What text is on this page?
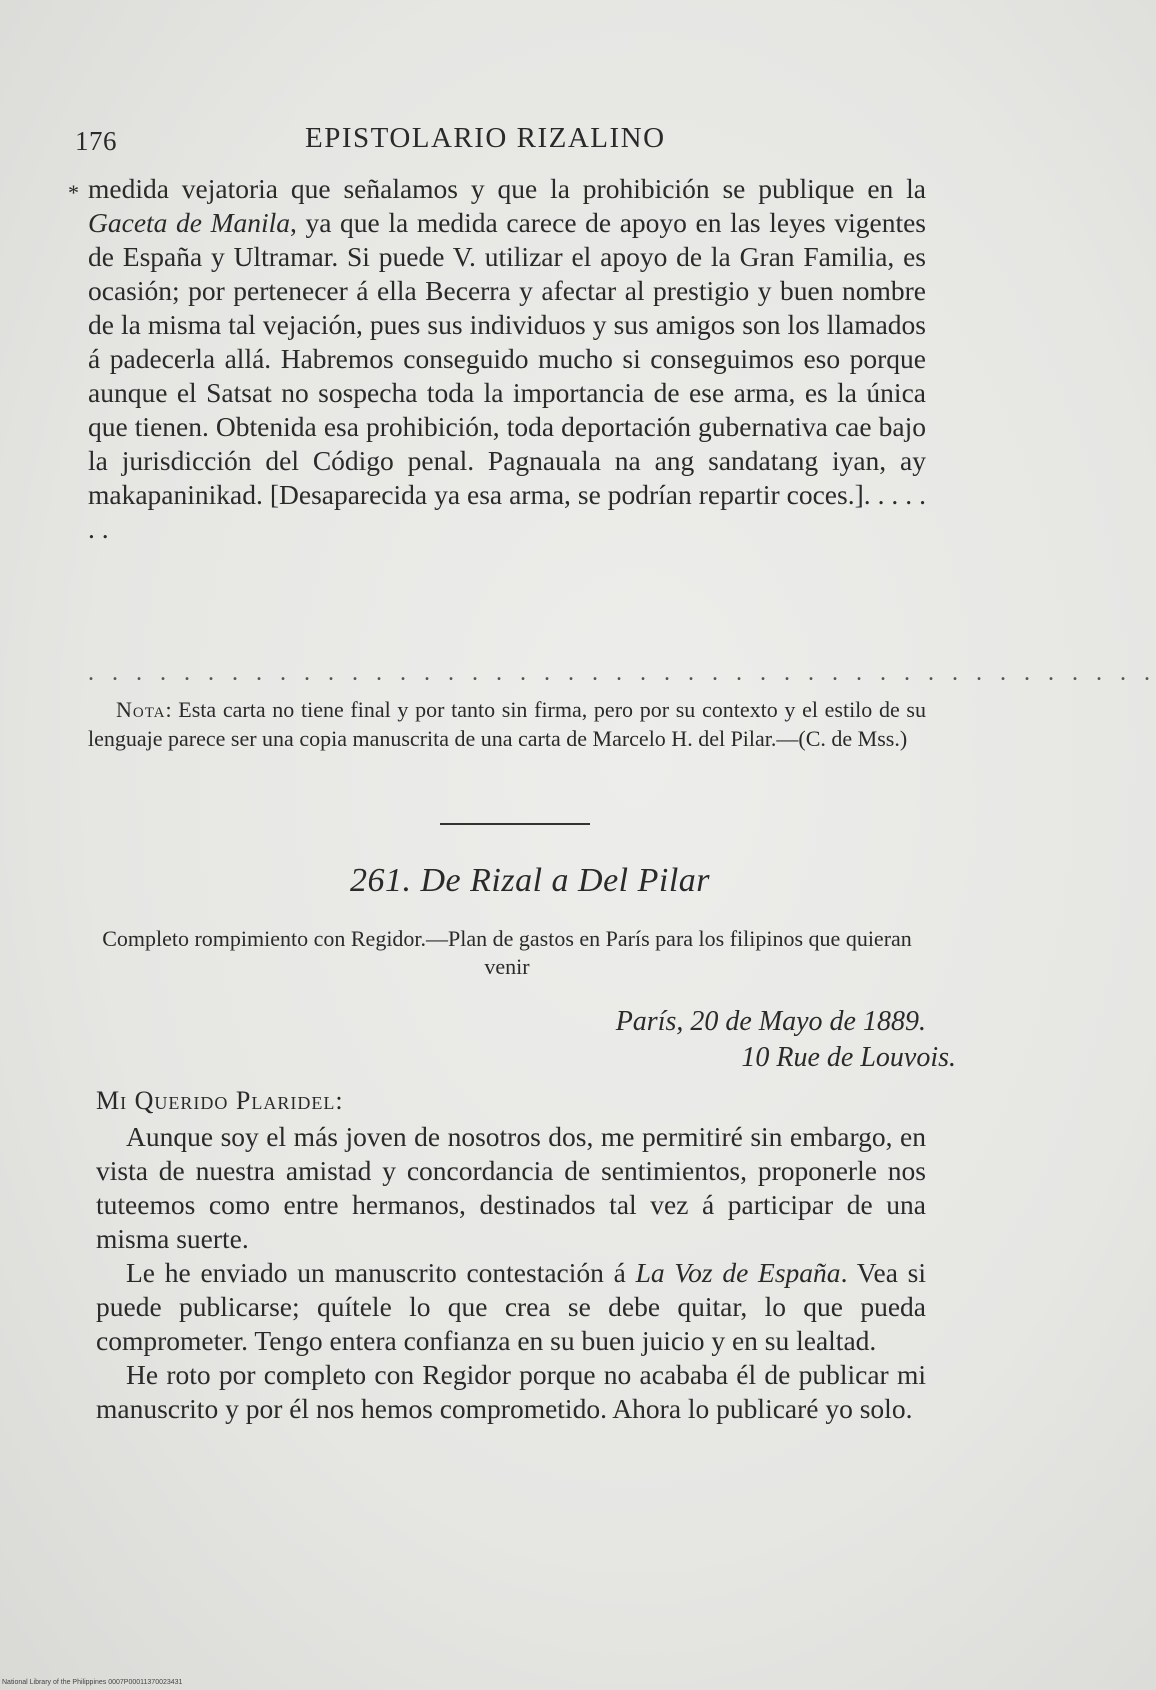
176	EPISTOLARIO RIZALINO
* medida vejatoria que señalamos y que la prohibición se publique en la Gaceta de Manila, ya que la medida carece de apoyo en las leyes vigentes de España y Ultramar. Si puede V. utilizar el apoyo de la Gran Familia, es ocasión; por pertenecer á ella Becerra y afectar al prestigio y buen nombre de la misma tal vejación, pues sus individuos y sus amigos son los llamados á padecerla allá. Habremos conseguido mucho si conseguimos eso porque aunque el Satsat no sospecha toda la importancia de ese arma, es la única que tienen. Obtenida esa prohibición, toda deportación gubernativa cae bajo la jurisdicción del Código penal. Pagnauala na ang sandatang iyan, ay makapaninikad. [Desaparecida ya esa arma, se podrían repartir coces.]. . . . . . .

. . . . . . . . . . . . . . . . . . . . . . . . . . . . . . . . . . . . . . . . . . . . .
Nota: Esta carta no tiene final y por tanto sin firma, pero por su contexto y el estilo de su lenguaje parece ser una copia manuscrita de una carta de Marcelo H. del Pilar.—(C. de Mss.)
261. De Rizal a Del Pilar
Completo rompimiento con Regidor.—Plan de gastos en París para los filipinos que quieran venir
París, 20 de Mayo de 1889.
10 Rue de Louvois.
Mi Querido Plaridel:

Aunque soy el más joven de nosotros dos, me permitiré sin embargo, en vista de nuestra amistad y concordancia de sentimientos, proponerle nos tuteemos como entre hermanos, destinados tal vez á participar de una misma suerte.

Le he enviado un manuscrito contestación á La Voz de España. Vea si puede publicarse; quítele lo que crea se debe quitar, lo que pueda comprometer. Tengo entera confianza en su buen juicio y en su lealtad.

He roto por completo con Regidor porque no acababa él de publicar mi manuscrito y por él nos hemos comprometido. Ahora lo publicaré yo solo.

National Library of the Philippines 0007P00011370023431
